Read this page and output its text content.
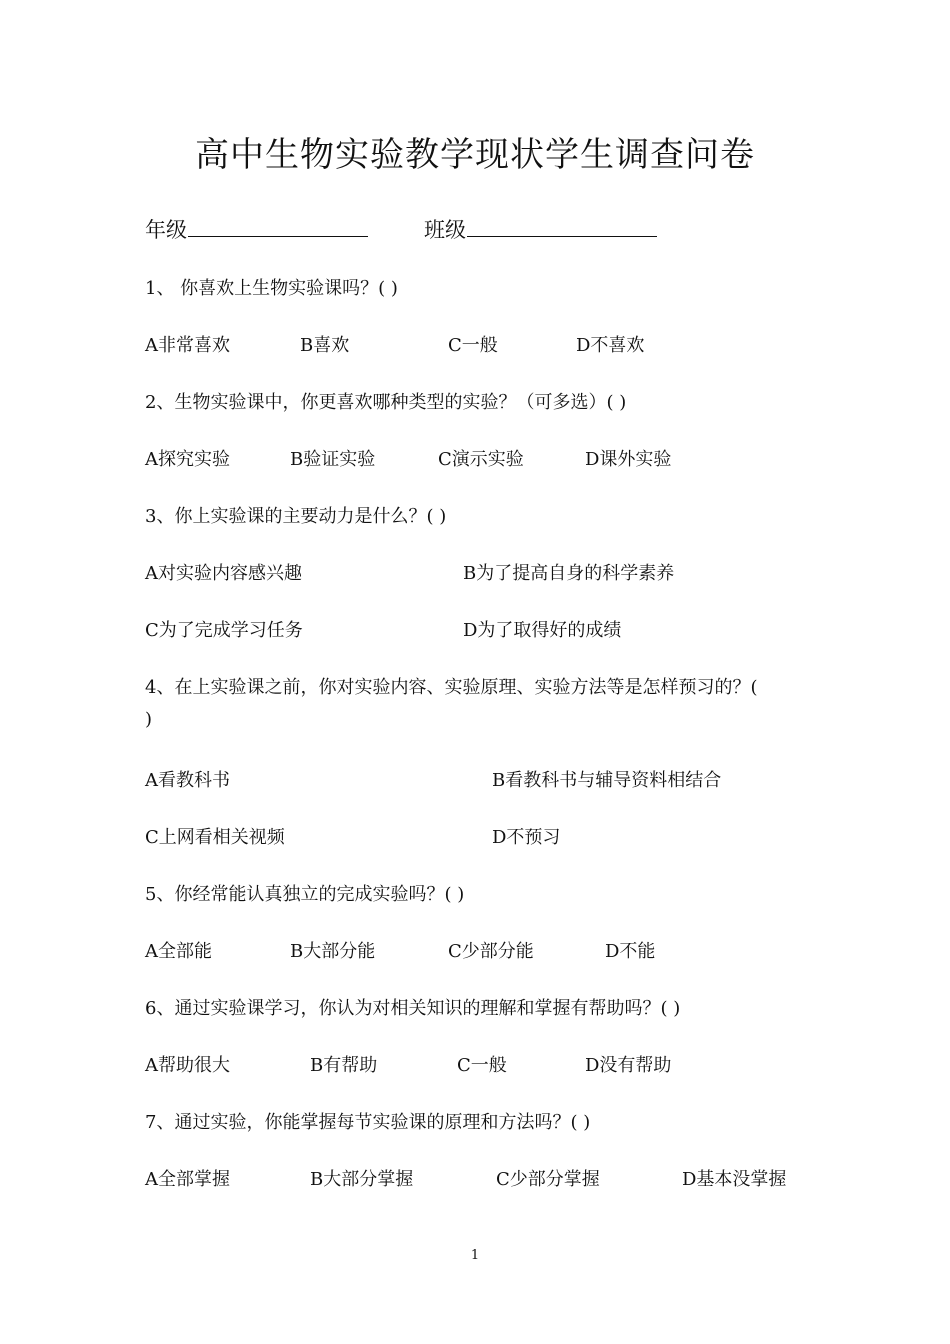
高中生物实验教学现状学生调查问卷
年级	班级
1、 你喜欢上生物实验课吗？( )
A非常喜欢	B喜欢	C一般	D不喜欢
2、生物实验课中，你更喜欢哪种类型的实验？（可多选）( )
A探究实验	B验证实验	C演示实验	D课外实验
3、你上实验课的主要动力是什么？( )
A对实验内容感兴趣	B为了提高自身的科学素养
C为了完成学习任务	D为了取得好的成绩
4、在上实验课之前，你对实验内容、实验原理、实验方法等是怎样预习的？(
)
A看教科书	B看教科书与辅导资料相结合
C上网看相关视频	D不预习
5、你经常能认真独立的完成实验吗？( )
A全部能	B大部分能	C少部分能	D不能
6、通过实验课学习，你认为对相关知识的理解和掌握有帮助吗？( )
A帮助很大	B有帮助	C一般	D没有帮助
7、通过实验，你能掌握每节实验课的原理和方法吗？( )
A全部掌握	B大部分掌握	C少部分掌握	D基本没掌握
1
